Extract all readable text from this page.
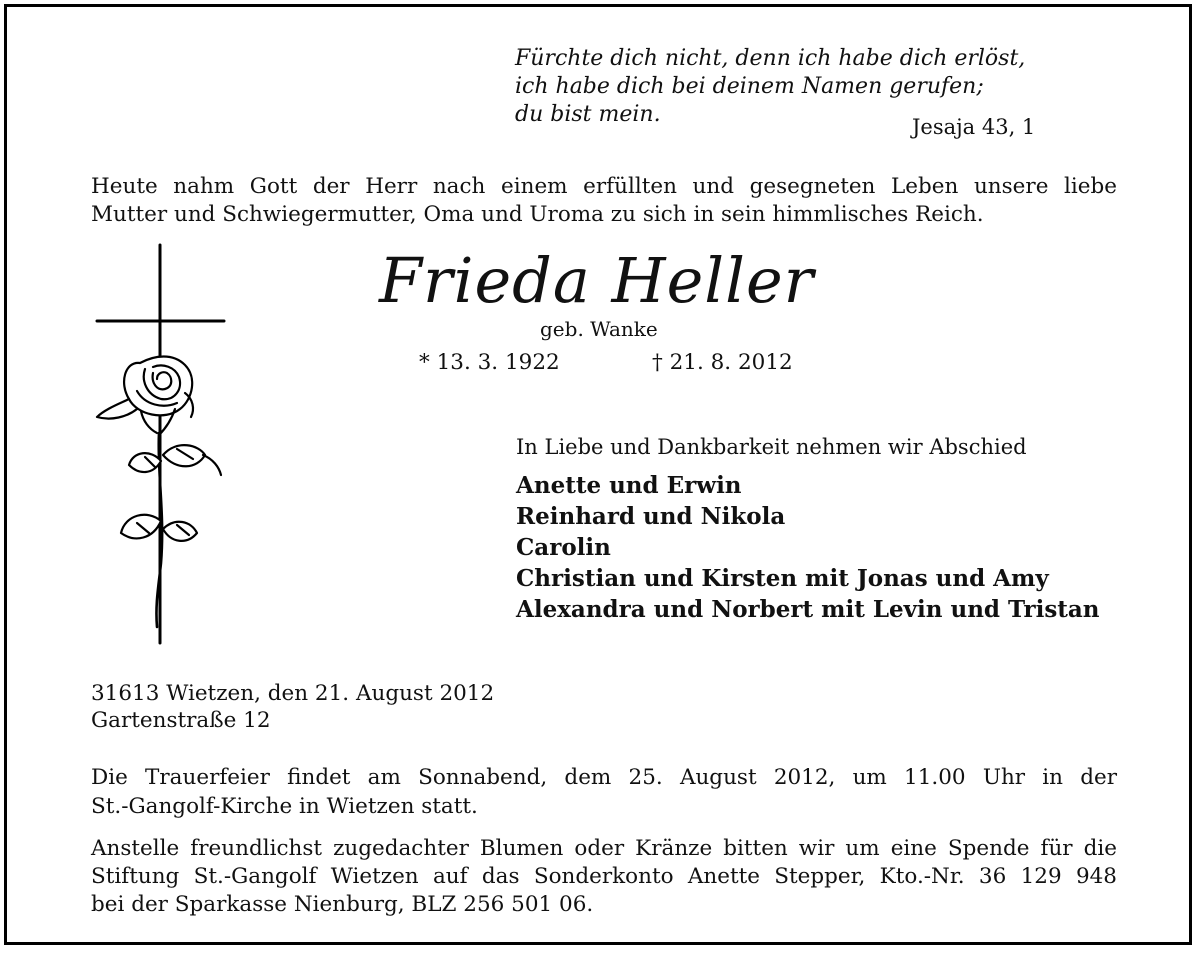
Fürchte dich nicht, denn ich habe dich erlöst,
ich habe dich bei deinem Namen gerufen;
du bist mein.	Jesaja 43, 1

Heute nahm Gott der Herr nach einem erfüllten und gesegneten Leben unsere liebe

Mutter und Schwiegermutter, Oma und Uroma zu sich in sein himmlisches Reich.

Frieda Heller
geb. Wanke
* 13. 3. 1922	† 21. 8. 2012
In Liebe und Dankbarkeit nehmen wir Abschied
Anette und Erwin
Reinhard und Nikola
Carolin
Christian und Kirsten mit Jonas und Amy
Alexandra und Norbert mit Levin und Tristan
31613 Wietzen, den 21. August 2012
Gartenstraße 12

Die Trauerfeier findet am Sonnabend, dem 25. August 2012, um 11.00 Uhr in der

St.-Gangolf-Kirche in Wietzen statt.

Anstelle freundlichst zugedachter Blumen oder Kränze bitten wir um eine Spende für die

Stiftung St.-Gangolf Wietzen auf das Sonderkonto Anette Stepper, Kto.-Nr. 36 129 948

bei der Sparkasse Nienburg, BLZ 256 501 06.
